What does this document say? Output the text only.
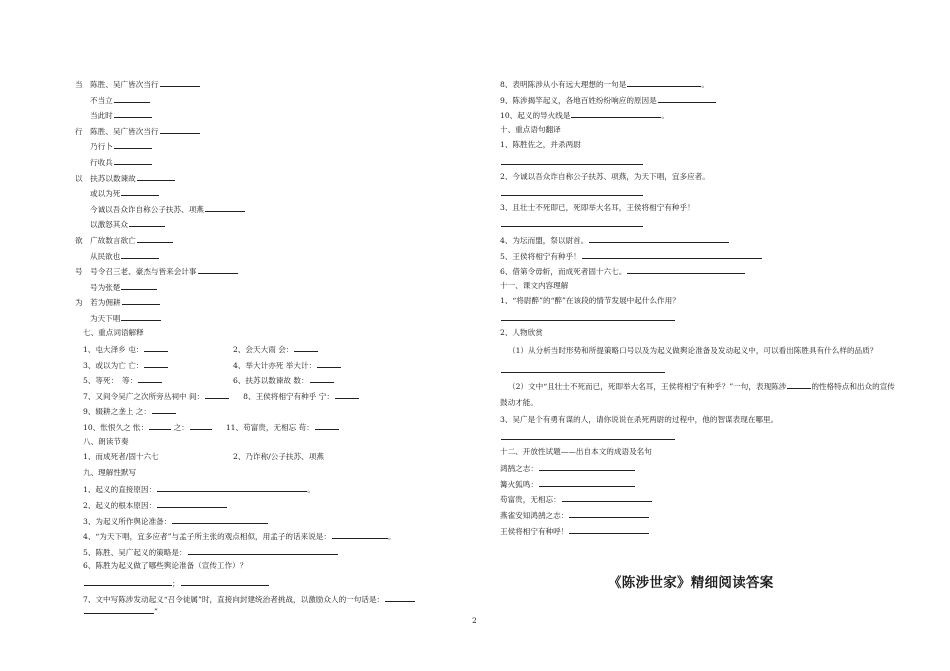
当　陈胜、吴广皆次当行
不当立
当此时
行　陈胜、吴广皆次当行
乃行卜
行收兵
以　扶苏以数谏故
或以为死
今诚以吾众诈自称公子扶苏、项燕
以激怒其众
欲　广故数言欲亡
从民欲也
号　号令召三老、豪杰与皆来会计事
号为张楚
为　若为佣耕
为天下唱
七、重点词语解释
1、屯大泽乡 屯：	2、会天大雨 会：
3、或以为亡 亡：	4、举大计亦死 举大计：
5、等死：　等：	6、扶苏以数谏故 数：
7、又间令吴广之次所旁丛祠中 间：	8、王侯将相宁有种乎 宁：
9、辍耕之垄上 之：
10、怅恨久之 怅：	之：	11、苟富贵，无相忘 苟：
八、朗读节奏
1、而成死者/固十六七	2、乃诈称/公子扶苏、项燕
九、理解性默写
1、起义的直接原因：	。
2、起义的根本原因：
3、为起义所作舆论准备：
4、“为天下唱，宜多应者”与孟子所主张的观点相似，用孟子的话来说是：	。
5、陈胜、吴广起义的策略是：
6、陈胜为起义做了哪些舆论准备（宣传工作）？
；
7、文中写陈涉发动起义“召令徒属”时，直接向封建统治者挑战，以激励众人的一句话是：
”
8、表明陈涉从小有远大理想的一句是	。
9、陈涉揭竿起义，各地百姓纷纷响应的原因是
10、起义的导火线是	。
十、重点语句翻译
1、陈胜佐之，并杀两尉
2、今诚以吾众诈自称公子扶苏、项燕，为天下唱，宜多应者。
3、且壮士不死即已，死即举大名耳，王侯将相宁有种乎！
4、为坛而盟，祭以尉首。
5、王侯将相宁有种乎！
6、借第令毋斩，而成死者固十六七。
十一、课文内容理解
1、“将尉醉”的“醉”在该段的情节发展中起什么作用？
2、人物欣赏
（1）从分析当时形势和所提策略口号以及为起义做舆论准备及发动起义中，可以看出陈胜具有什么样的品质？
（2）文中“且壮士不死而已，死即举大名耳，王侯将相宁有种乎？”一句，表现陈涉	的性格特点和出众的宣传鼓动才能。
3、吴广是个有勇有谋的人，请你说说在杀死两尉的过程中，他的智谋表现在哪里。
十二、开放性试题——出自本文的成语及名句
鸿鹄之志：
篝火狐鸣：
苟富贵，无相忘：
燕雀安知鸿鹄之志：
王侯将相宁有种呼！
《陈涉世家》精细阅读答案
2
